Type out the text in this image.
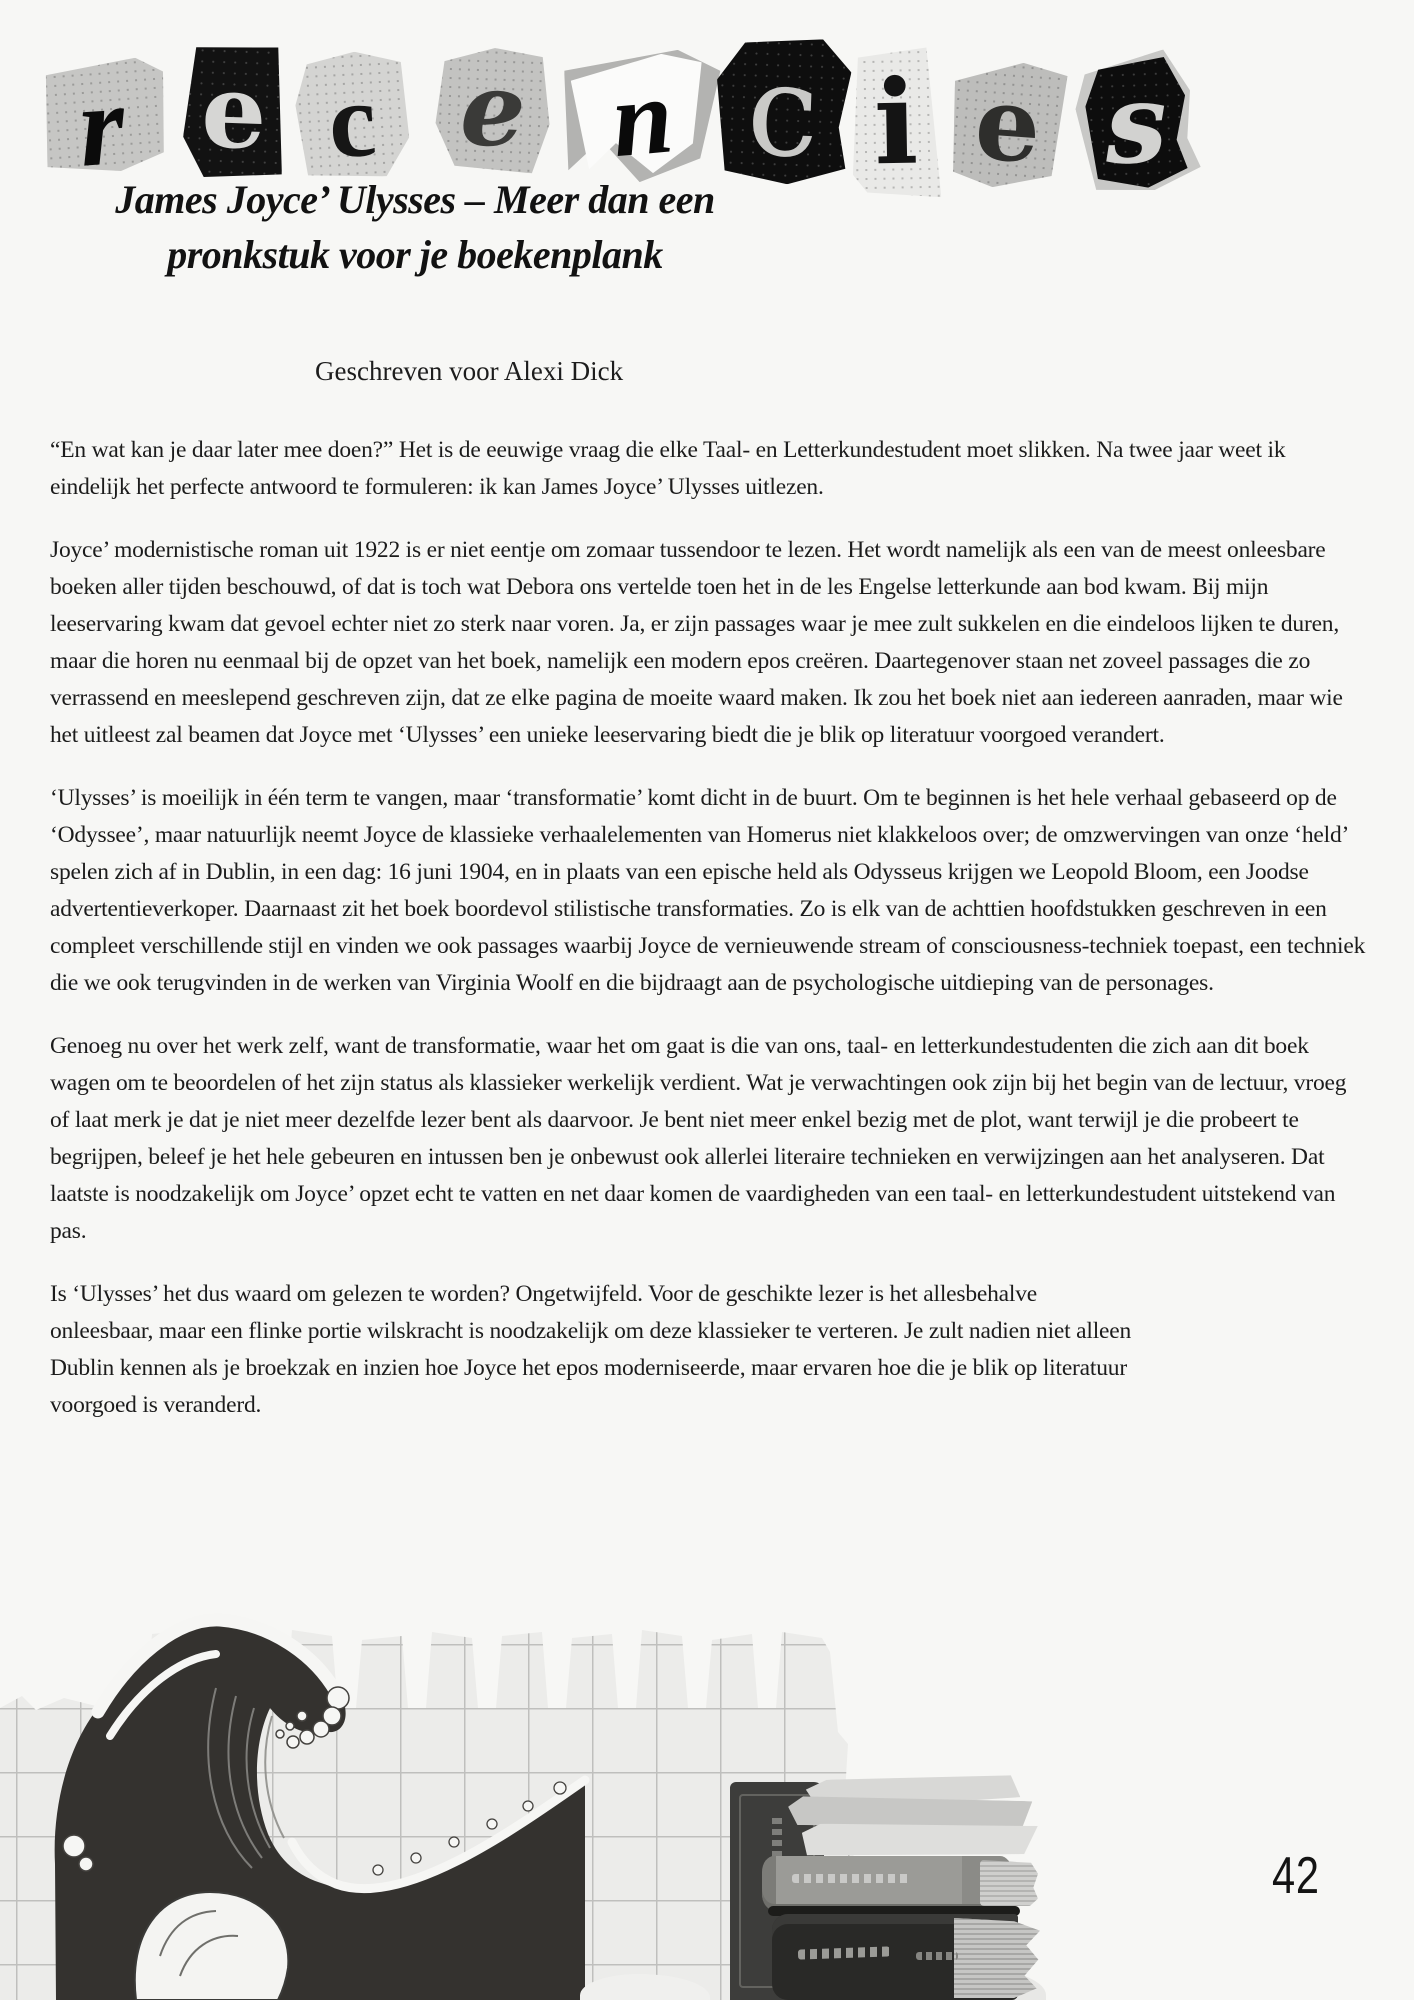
r e c e n c i e s
James Joyce’ Ulysses – Meer dan een
pronkstuk voor je boekenplank
Geschreven voor Alexi Dick

“En wat kan je daar later mee doen?” Het is de eeuwige vraag die elke Taal- en Letterkundestudent moet slikken. Na twee jaar weet ik eindelijk het perfecte antwoord te formuleren: ik kan James Joyce’ Ulysses uitlezen.

Joyce’ modernistische roman uit 1922 is er niet eentje om zomaar tussendoor te lezen. Het wordt namelijk als een van de meest onleesbare boeken aller tijden beschouwd, of dat is toch wat Debora ons vertelde toen het in de les Engelse letterkunde aan bod kwam. Bij mijn leeservaring kwam dat gevoel echter niet zo sterk naar voren. Ja, er zijn passages waar je mee zult sukkelen en die eindeloos lijken te duren, maar die horen nu eenmaal bij de opzet van het boek, namelijk een modern epos creëren. Daartegenover staan net zoveel passages die zo verrassend en meeslepend geschreven zijn, dat ze elke pagina de moeite waard maken. Ik zou het boek niet aan iedereen aanraden, maar wie het uitleest zal beamen dat Joyce met ‘Ulysses’ een unieke leeservaring biedt die je blik op literatuur voorgoed verandert.

‘Ulysses’ is moeilijk in één term te vangen, maar ‘transformatie’ komt dicht in de buurt. Om te beginnen is het hele verhaal gebaseerd op de ‘Odyssee’, maar natuurlijk neemt Joyce de klassieke verhaalelementen van Homerus niet klakkeloos over; de omzwervingen van onze ‘held’ spelen zich af in Dublin, in een dag: 16 juni 1904, en in plaats van een epische held als Odysseus krijgen we Leopold Bloom, een Joodse advertentieverkoper. Daarnaast zit het boek boordevol stilistische transformaties. Zo is elk van de achttien hoofdstukken geschreven in een compleet verschillende stijl en vinden we ook passages waarbij Joyce de vernieuwende stream of consciousness-techniek toepast, een techniek die we ook terugvinden in de werken van Virginia Woolf en die bijdraagt aan de psychologische uitdieping van de personages.

Genoeg nu over het werk zelf, want de transformatie, waar het om gaat is die van ons, taal- en letterkundestudenten die zich aan dit boek wagen om te beoordelen of het zijn status als klassieker werkelijk verdient. Wat je verwachtingen ook zijn bij het begin van de lectuur, vroeg of laat merk je dat je niet meer dezelfde lezer bent als daarvoor. Je bent niet meer enkel bezig met de plot, want terwijl je die probeert te begrijpen, beleef je het hele gebeuren en intussen ben je onbewust ook allerlei literaire technieken en verwijzingen aan het analyseren. Dat laatste is noodzakelijk om Joyce’ opzet echt te vatten en net daar komen de vaardigheden van een taal- en letterkundestudent uitstekend van pas.

Is ‘Ulysses’ het dus waard om gelezen te worden? Ongetwijfeld. Voor de geschikte lezer is het allesbehalve onleesbaar, maar een flinke portie wilskracht is noodzakelijk om deze klassieker te verteren. Je zult nadien niet alleen Dublin kennen als je broekzak en inzien hoe Joyce het epos moderniseerde, maar ervaren hoe die je blik op literatuur voorgoed is veranderd.

42
